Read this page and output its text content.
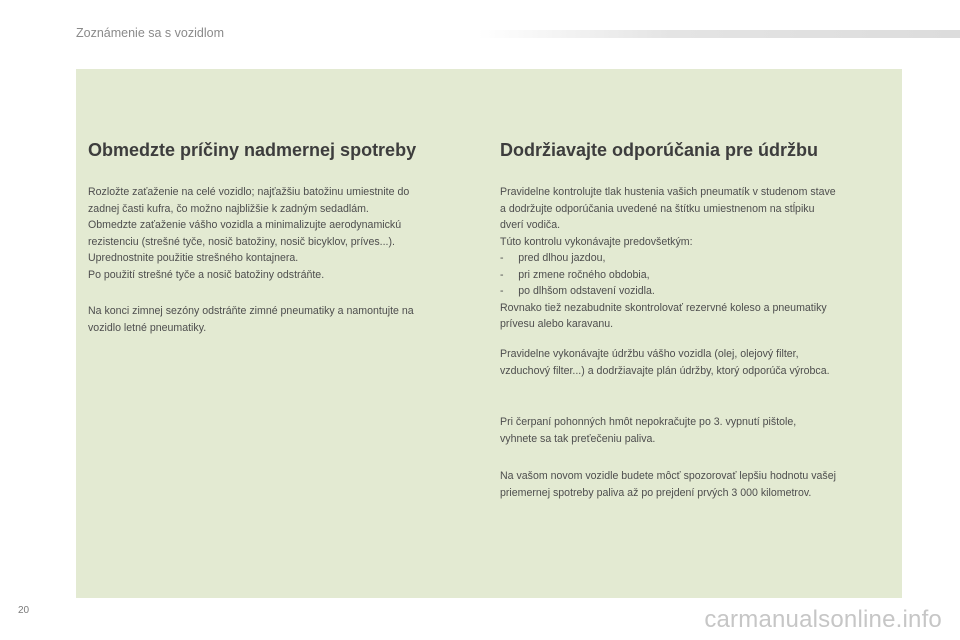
Zoznámenie sa s vozidlom
Obmedzte príčiny nadmernej spotreby

Rozložte zaťaženie na celé vozidlo; najťažšiu batožinu umiestnite do
zadnej časti kufra, čo možno najbližšie k zadným sedadlám.
Obmedzte zaťaženie vášho vozidla a minimalizujte aerodynamickú
rezistenciu (strešné tyče, nosič batožiny, nosič bicyklov, príves...).
Uprednostnite použitie strešného kontajnera.
Po použití strešné tyče a nosič batožiny odstráňte.

Na konci zimnej sezóny odstráňte zimné pneumatiky a namontujte na
vozidlo letné pneumatiky.

Dodržiavajte odporúčania pre údržbu

Pravidelne kontrolujte tlak hustenia vašich pneumatík v studenom stave
a dodržujte odporúčania uvedené na štítku umiestnenom na stĺpiku
dverí vodiča.
Túto kontrolu vykonávajte predovšetkým:
-     pred dlhou jazdou,
-     pri zmene ročného obdobia,
-     po dlhšom odstavení vozidla.
Rovnako tiež nezabudnite skontrolovať rezervné koleso a pneumatiky
prívesu alebo karavanu.

Pravidelne vykonávajte údržbu vášho vozidla (olej, olejový filter,
vzduchový filter...) a dodržiavajte plán údržby, ktorý odporúča výrobca.

Pri čerpaní pohonných hmôt nepokračujte po 3. vypnutí pištole,
vyhnete sa tak preťečeniu paliva.

Na vašom novom vozidle budete môcť spozorovať lepšiu hodnotu vašej
priemernej spotreby paliva až po prejdení prvých 3 000 kilometrov.

20	carmanualsonline.info
